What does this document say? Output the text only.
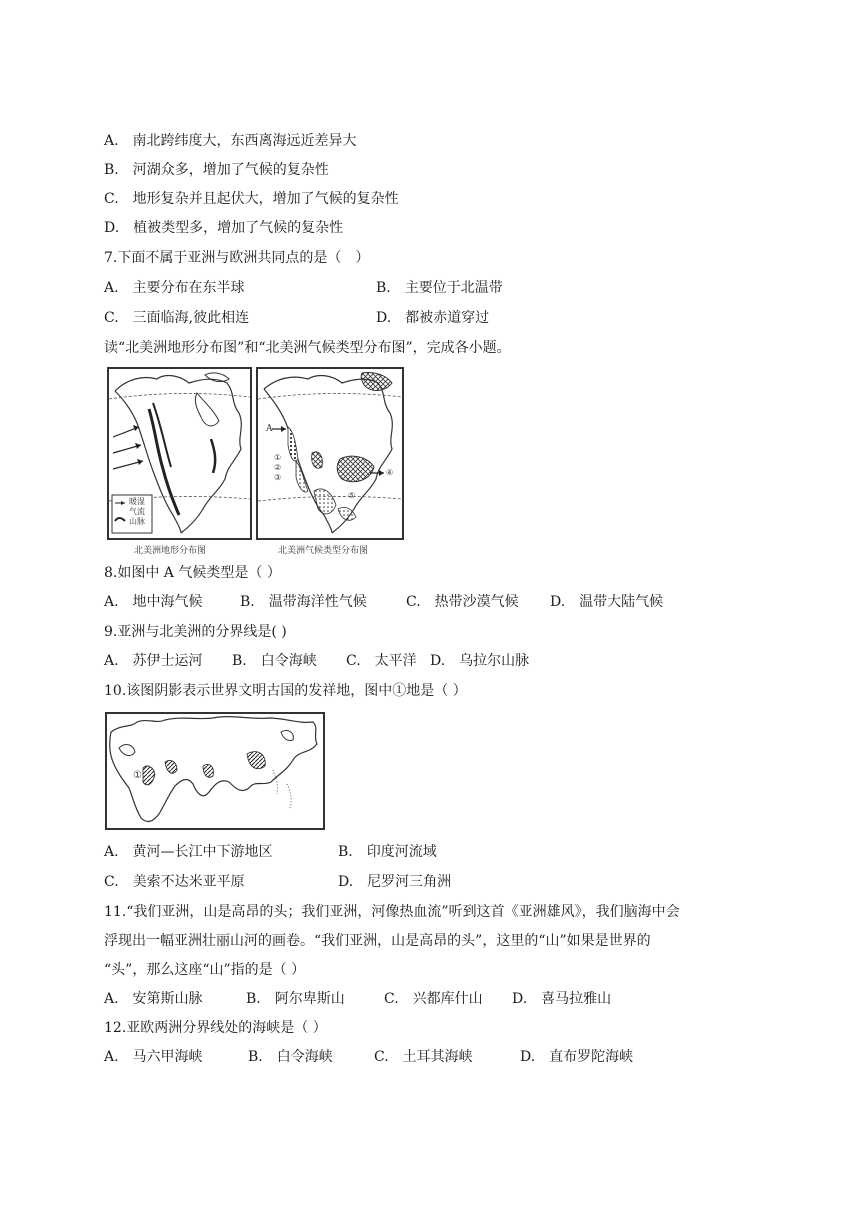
A.　南北跨纬度大，东西离海远近差异大
B.　河湖众多，增加了气候的复杂性
C.　地形复杂并且起伏大，增加了气候的复杂性
D.　植被类型多，增加了气候的复杂性
7.下面不属于亚洲与欧洲共同点的是（　）
A.　主要分布在东半球	B.　主要位于北温带
C.　三面临海,彼此相连	D.　都被赤道穿过
读“北美洲地形分布图”和“北美洲气候类型分布图”，完成各小题。
暖湿
气流
山脉
北美洲地形分布图
A
①
②
③
④
⑤
北美洲气候类型分布图
8.如图中 A 气候类型是（ ）
A.　地中海气候	B.　温带海洋性气候	C.　热带沙漠气候 D.　温带大陆气候
9.亚洲与北美洲的分界线是( )
A.　苏伊士运河 B.　白令海峡 C.　太平洋 D.　乌拉尔山脉
10.该图阴影表示世界文明古国的发祥地，图中①地是（ ）
①
A.　黄河—长江中下游地区	B.　印度河流域
C.　美索不达米亚平原	D.　尼罗河三角洲
11.“我们亚洲，山是高昂的头；我们亚洲，河像热血流”听到这首《亚洲雄风》，我们脑海中会
浮现出一幅亚洲壮丽山河的画卷。“我们亚洲，山是高昂的头”，这里的“山”如果是世界的
“头”，那么这座“山”指的是（ ）
A.　安第斯山脉	B.　阿尔卑斯山	C.　兴都库什山 D.　喜马拉雅山
12.亚欧两洲分界线处的海峡是（ ）
A.　马六甲海峡	B.　白令海峡	C.　土耳其海峡	D.　直布罗陀海峡
